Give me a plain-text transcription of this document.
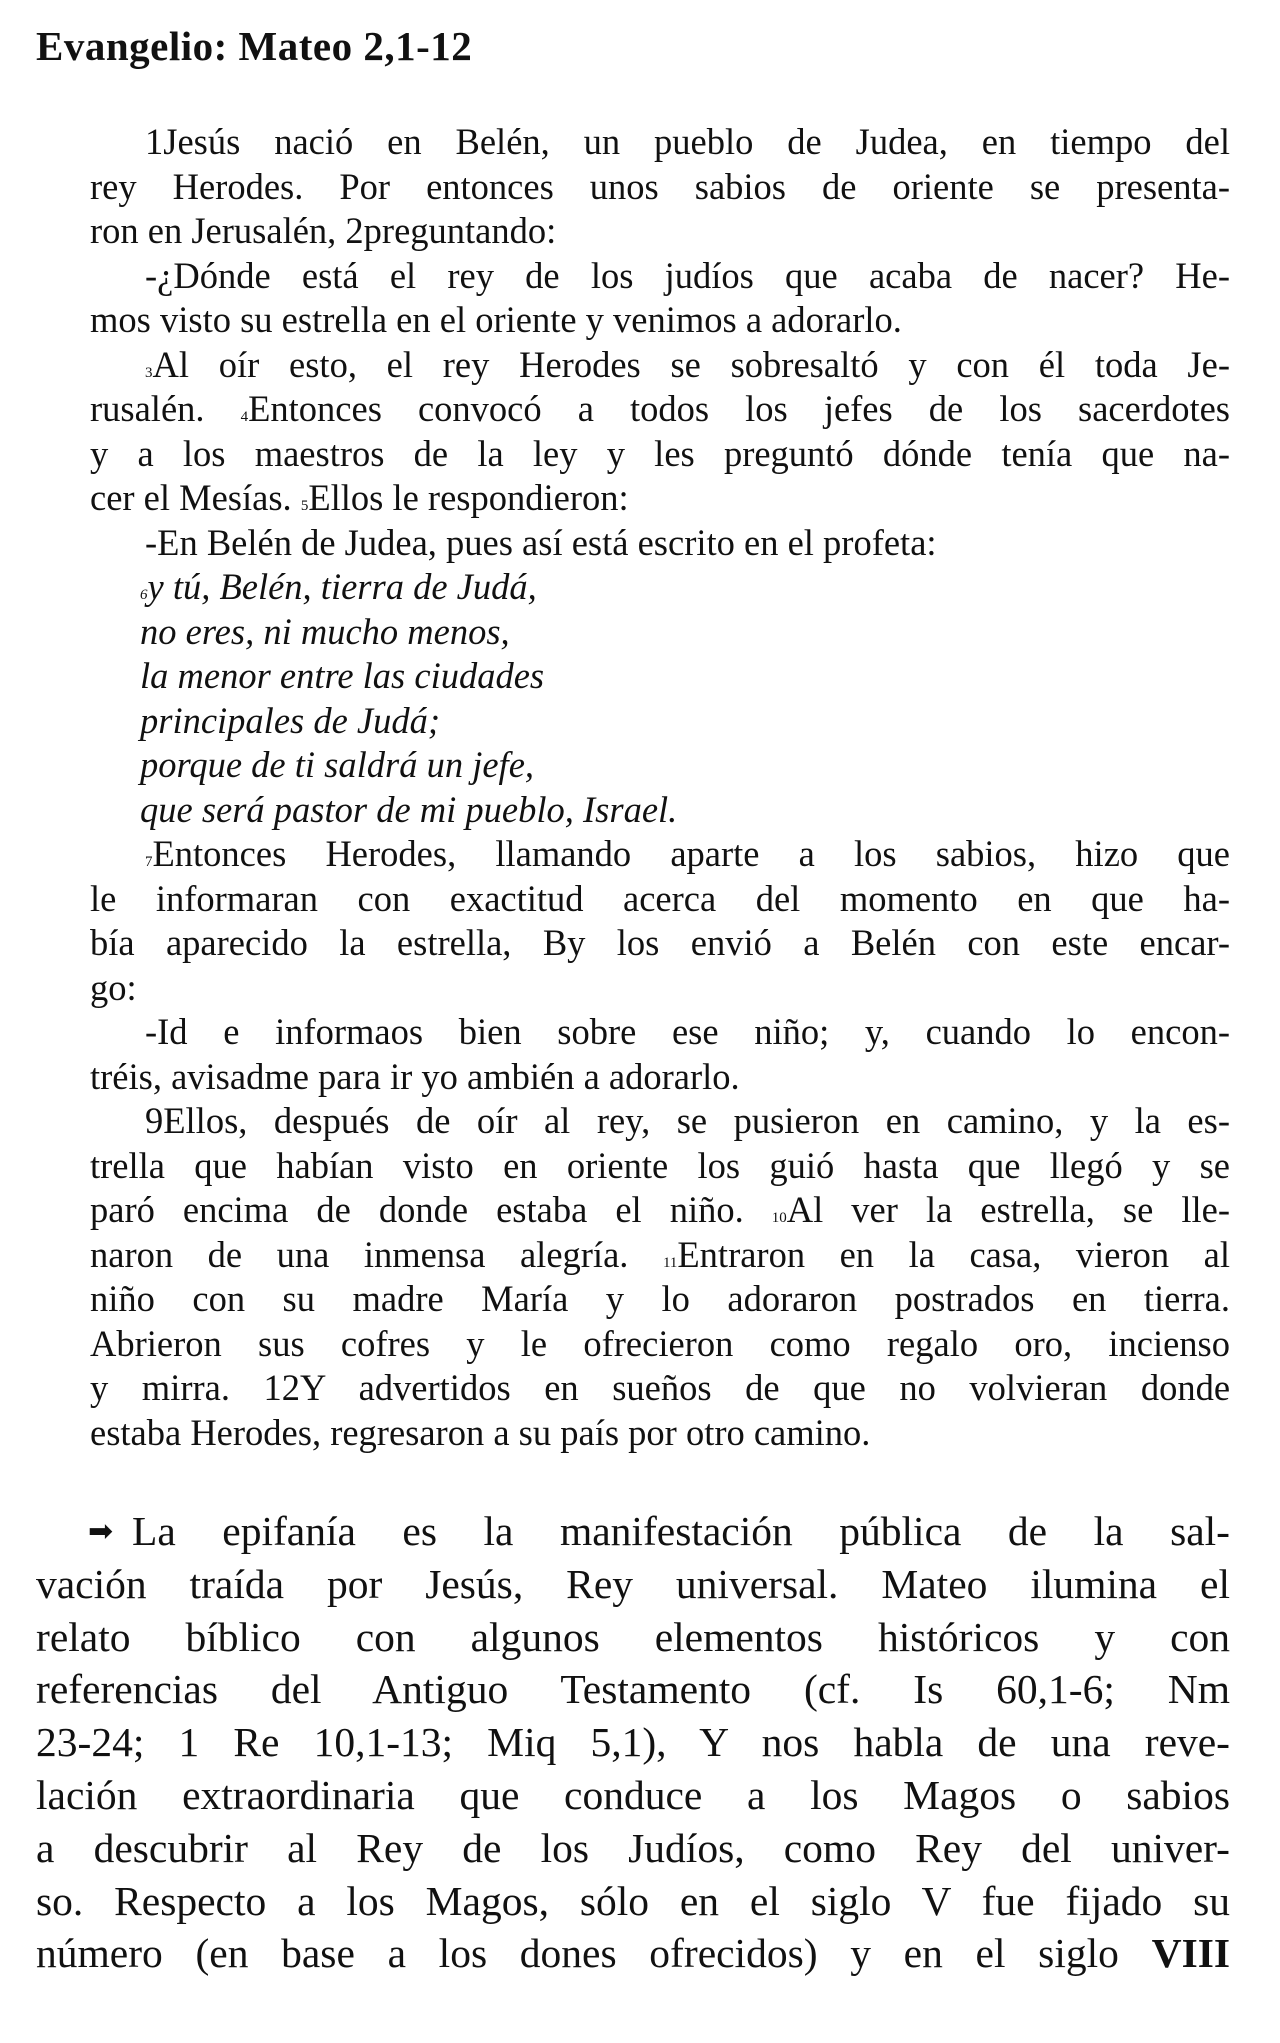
Evangelio: Mateo 2,1-12
1Jesús nació en Belén, un pueblo de Judea, en tiempo del
rey Herodes. Por entonces unos sabios de oriente se presenta-
ron en Jerusalén, 2preguntando:
-¿Dónde está el rey de los judíos que acaba de nacer? He-
mos visto su estrella en el oriente y venimos a adorarlo.
3Al oír esto, el rey Herodes se sobresaltó y con él toda Je-
rusalén. 4Entonces convocó a todos los jefes de los sacerdotes
y a los maestros de la ley y les preguntó dónde tenía que na-
cer el Mesías. 5Ellos le respondieron:
-En Belén de Judea, pues así está escrito en el profeta:
6y tú, Belén, tierra de Judá,
no eres, ni mucho menos,
la menor entre las ciudades
principales de Judá;
porque de ti saldrá un jefe,
que será pastor de mi pueblo, Israel.
7Entonces Herodes, llamando aparte a los sabios, hizo que
le informaran con exactitud acerca del momento en que ha-
bía aparecido la estrella, By los envió a Belén con este encar-
go:
-Id e informaos bien sobre ese niño; y, cuando lo encon-
tréis, avisadme para ir yo ambién a adorarlo.
9Ellos, después de oír al rey, se pusieron en camino, y la es-
trella que habían visto en oriente los guió hasta que llegó y se
paró encima de donde estaba el niño. 10Al ver la estrella, se lle-
naron de una inmensa alegría. 11Entraron en la casa, vieron al
niño con su madre María y lo adoraron postrados en tierra.
Abrieron sus cofres y le ofrecieron como regalo oro, incienso
y mirra. 12Y advertidos en sueños de que no volvieran donde
estaba Herodes, regresaron a su país por otro camino.
➡ La epifanía es la manifestación pública de la sal-
vación traída por Jesús, Rey universal. Mateo ilumina el
relato bíblico con algunos elementos históricos y con
referencias del Antiguo Testamento (cf. Is 60,1-6; Nm
23-24; 1 Re 10,1-13; Miq 5,1), Y nos habla de una reve-
lación extraordinaria que conduce a los Magos o sabios
a descubrir al Rey de los Judíos, como Rey del univer-
so. Respecto a los Magos, sólo en el siglo V fue fijado su
número (en base a los dones ofrecidos) y en el siglo VIII
